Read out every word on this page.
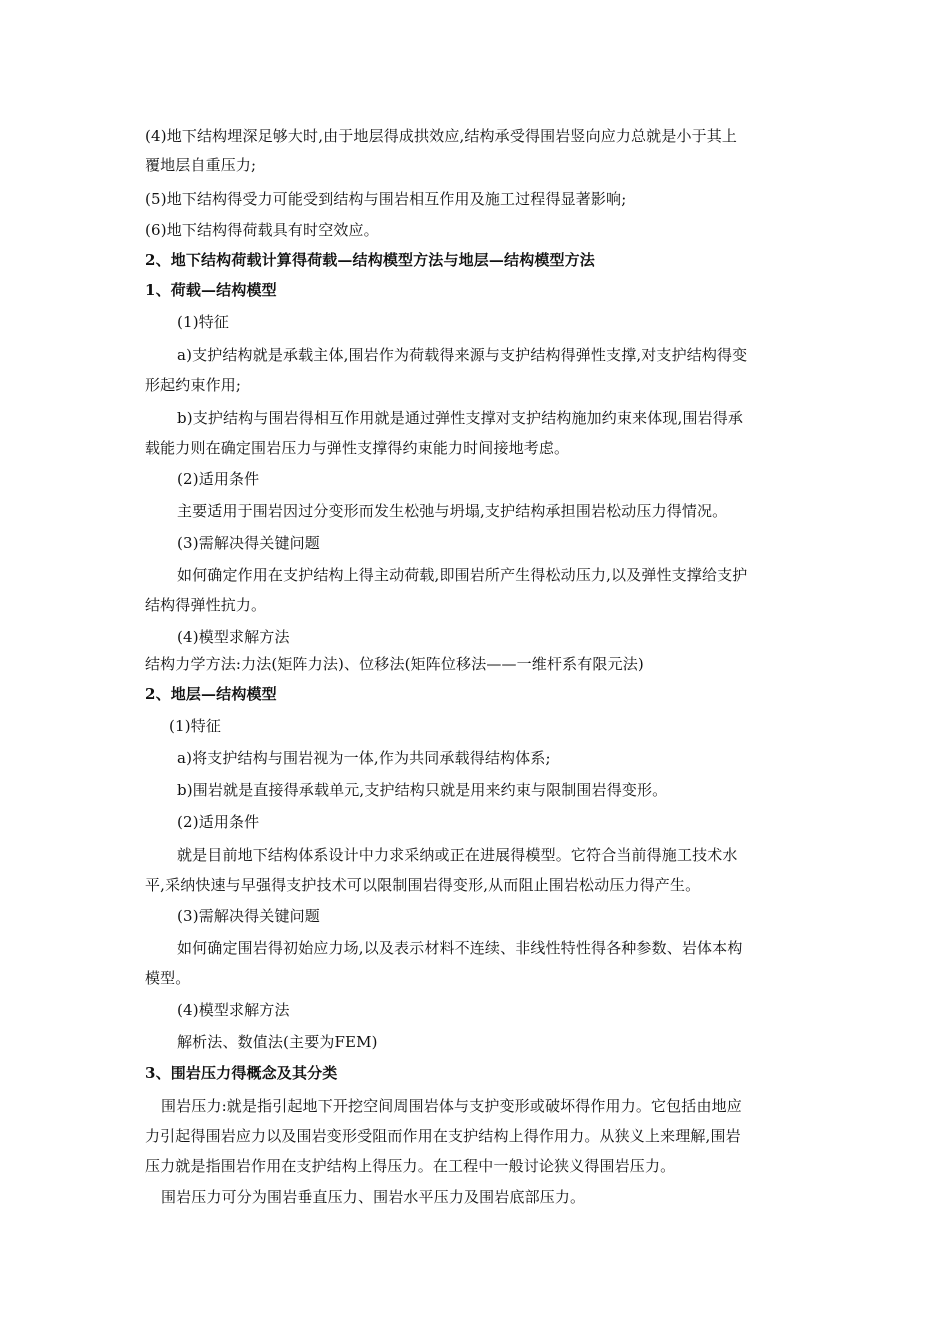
(4)地下结构埋深足够大时,由于地层得成拱效应,结构承受得围岩竖向应力总就是小于其上
覆地层自重压力;
(5)地下结构得受力可能受到结构与围岩相互作用及施工过程得显著影响;
(6)地下结构得荷载具有时空效应。
2、地下结构荷载计算得荷载—结构模型方法与地层—结构模型方法
1、荷载—结构模型
(1)特征
a)支护结构就是承载主体,围岩作为荷载得来源与支护结构得弹性支撑,对支护结构得变
形起约束作用;
b)支护结构与围岩得相互作用就是通过弹性支撑对支护结构施加约束来体现,围岩得承
载能力则在确定围岩压力与弹性支撑得约束能力时间接地考虑。
(2)适用条件
主要适用于围岩因过分变形而发生松弛与坍塌,支护结构承担围岩松动压力得情况。
(3)需解决得关键问题
如何确定作用在支护结构上得主动荷载,即围岩所产生得松动压力,以及弹性支撑给支护
结构得弹性抗力。
(4)模型求解方法
结构力学方法:力法(矩阵力法)、位移法(矩阵位移法——一维杆系有限元法)
2、地层—结构模型
(1)特征
a)将支护结构与围岩视为一体,作为共同承载得结构体系;
b)围岩就是直接得承载单元,支护结构只就是用来约束与限制围岩得变形。
(2)适用条件
就是目前地下结构体系设计中力求采纳或正在进展得模型。它符合当前得施工技术水
平,采纳快速与早强得支护技术可以限制围岩得变形,从而阻止围岩松动压力得产生。
(3)需解决得关键问题
如何确定围岩得初始应力场,以及表示材料不连续、非线性特性得各种参数、岩体本构
模型。
(4)模型求解方法
解析法、数值法(主要为FEM)
3、围岩压力得概念及其分类
围岩压力:就是指引起地下开挖空间周围岩体与支护变形或破坏得作用力。它包括由地应
力引起得围岩应力以及围岩变形受阻而作用在支护结构上得作用力。从狭义上来理解,围岩
压力就是指围岩作用在支护结构上得压力。在工程中一般讨论狭义得围岩压力。
围岩压力可分为围岩垂直压力、围岩水平压力及围岩底部压力。
